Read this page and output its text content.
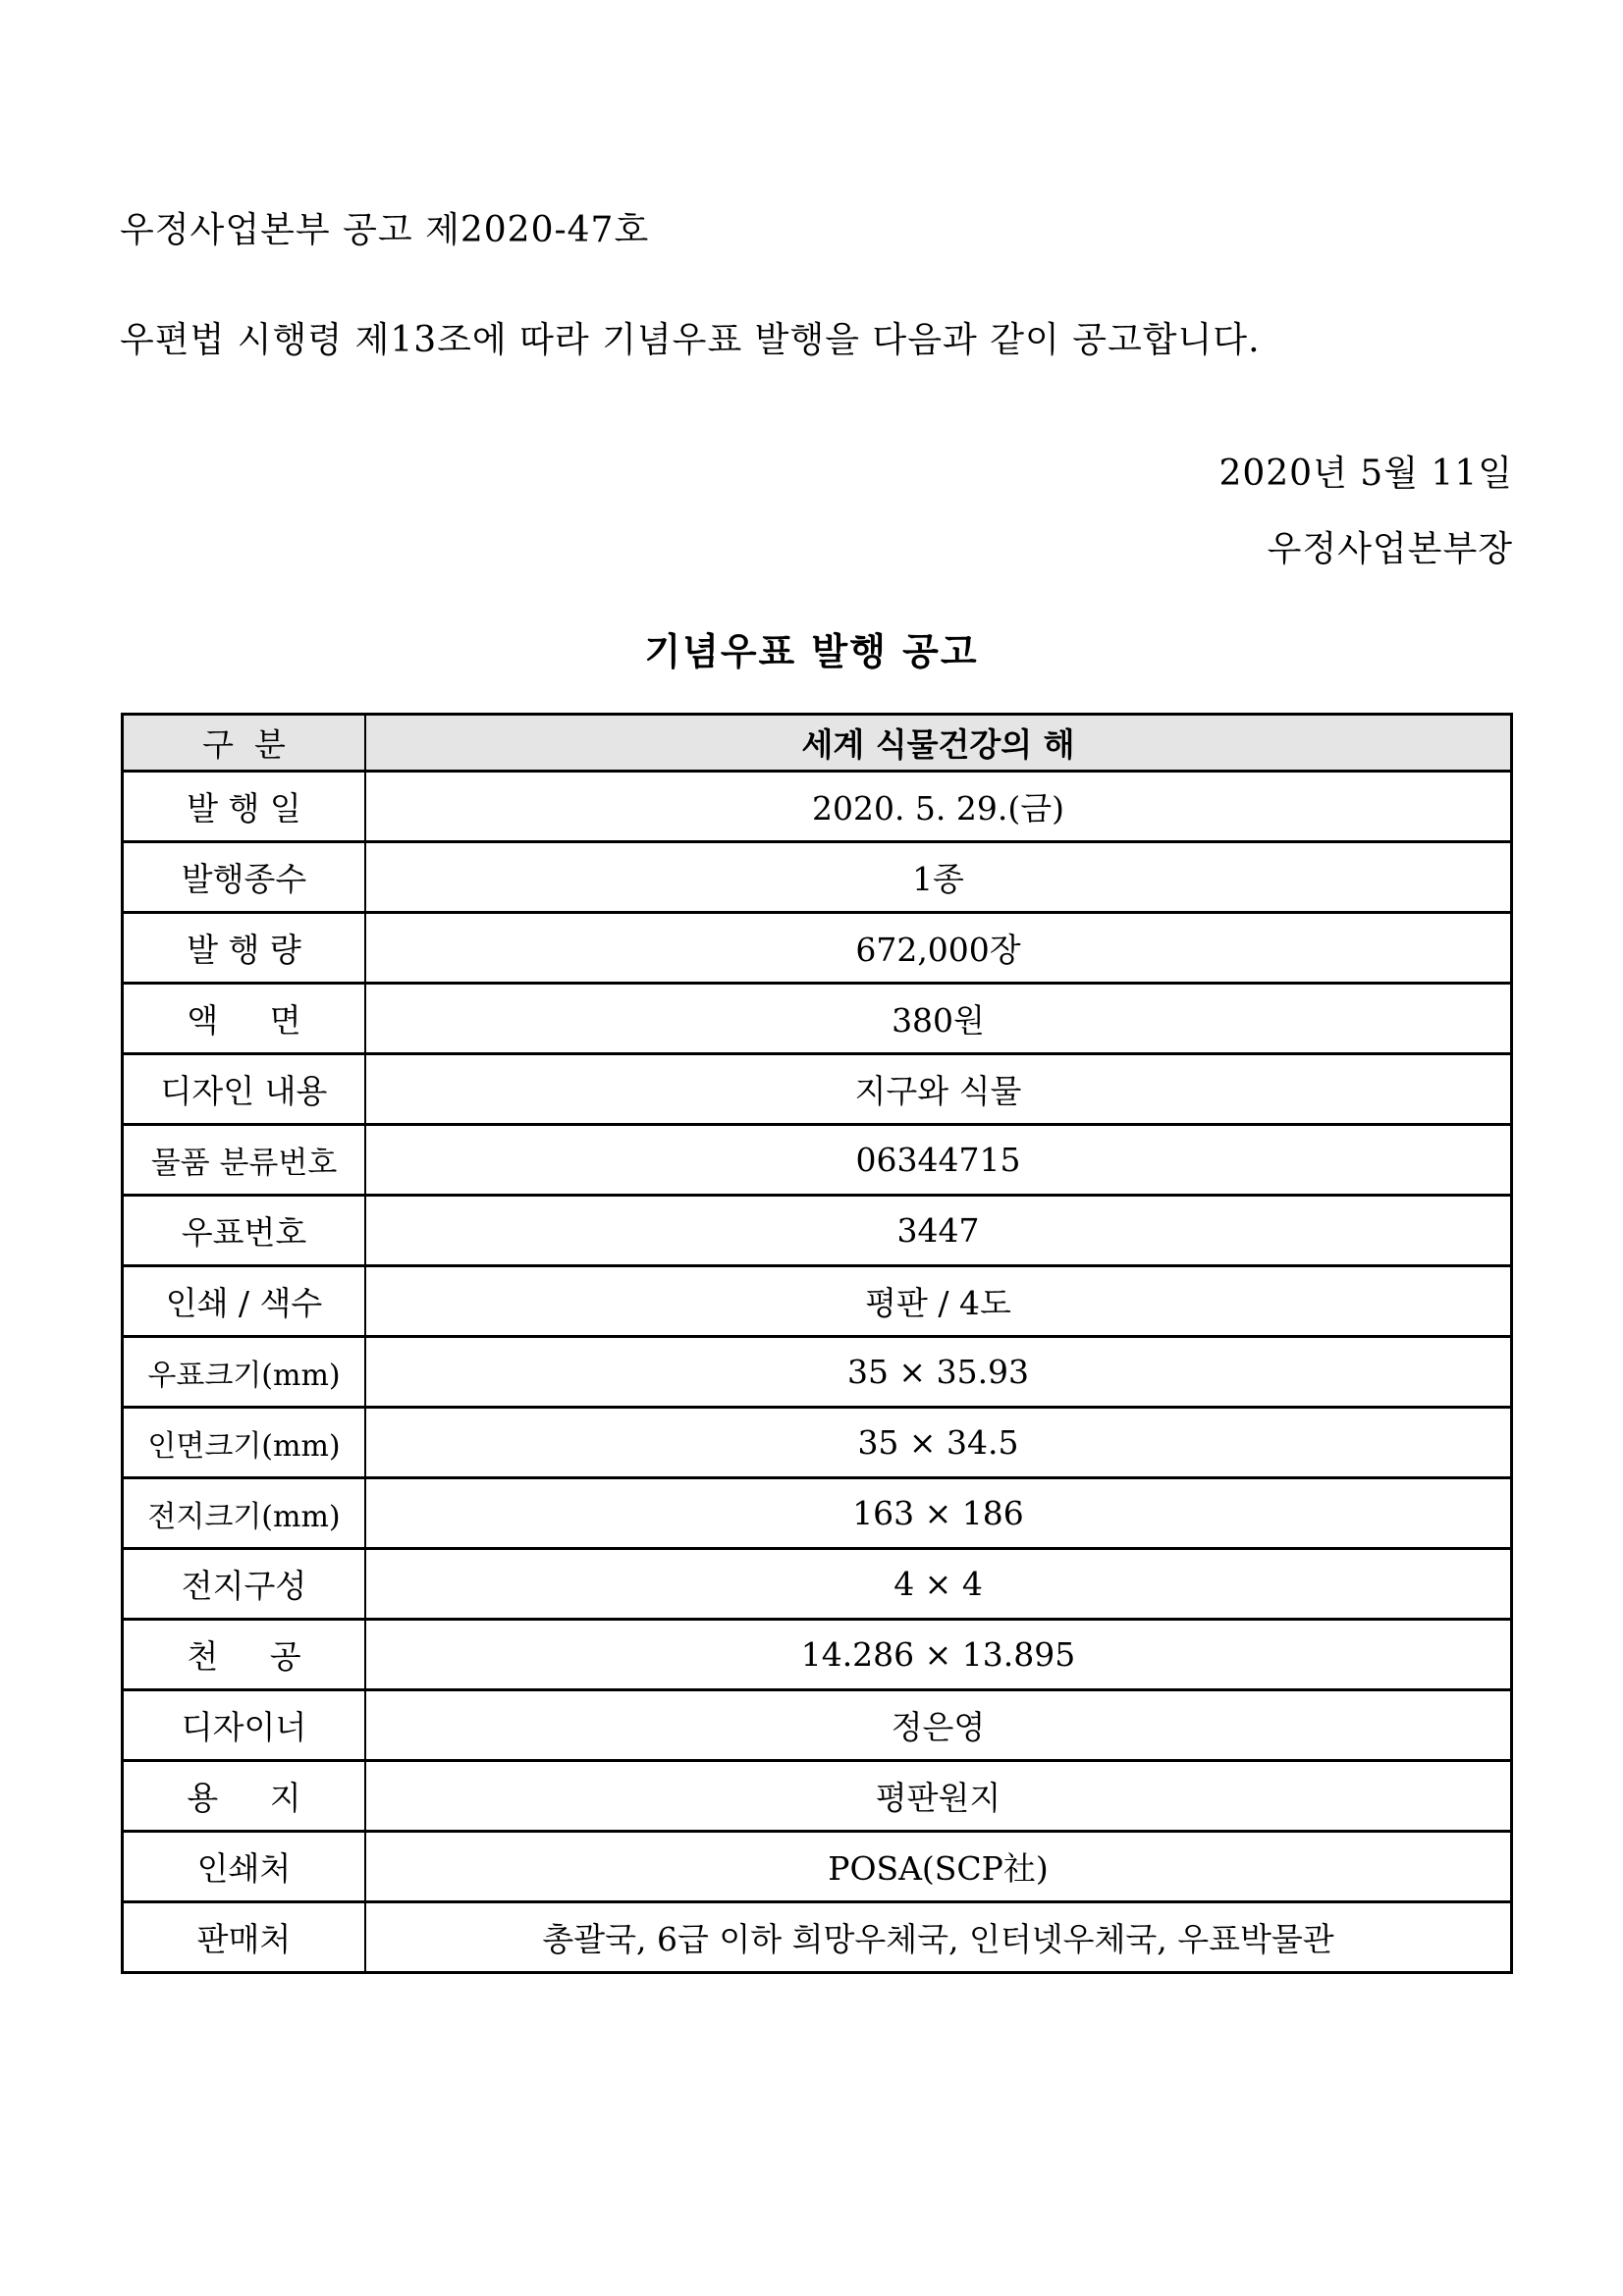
우정사업본부 공고 제2020-47호
우편법 시행령 제13조에 따라 기념우표 발행을 다음과 같이 공고합니다.
2020년 5월 11일
우정사업본부장
기념우표 발행 공고
구  분	세계 식물건강의 해
발 행 일	2020. 5. 29.(금)
발행종수	1종
발 행 량	672,000장
액     면	380원
디자인 내용	지구와 식물
물품 분류번호	06344715
우표번호	3447
인쇄 / 색수	평판 / 4도
우표크기(mm)	35 × 35.93
인면크기(mm)	35 × 34.5
전지크기(mm)	163 × 186
전지구성	4 × 4
천     공	14.286 × 13.895
디자이너	정은영
용     지	평판원지
인쇄처	POSA(SCP社)
판매처	총괄국, 6급 이하 희망우체국, 인터넷우체국, 우표박물관
